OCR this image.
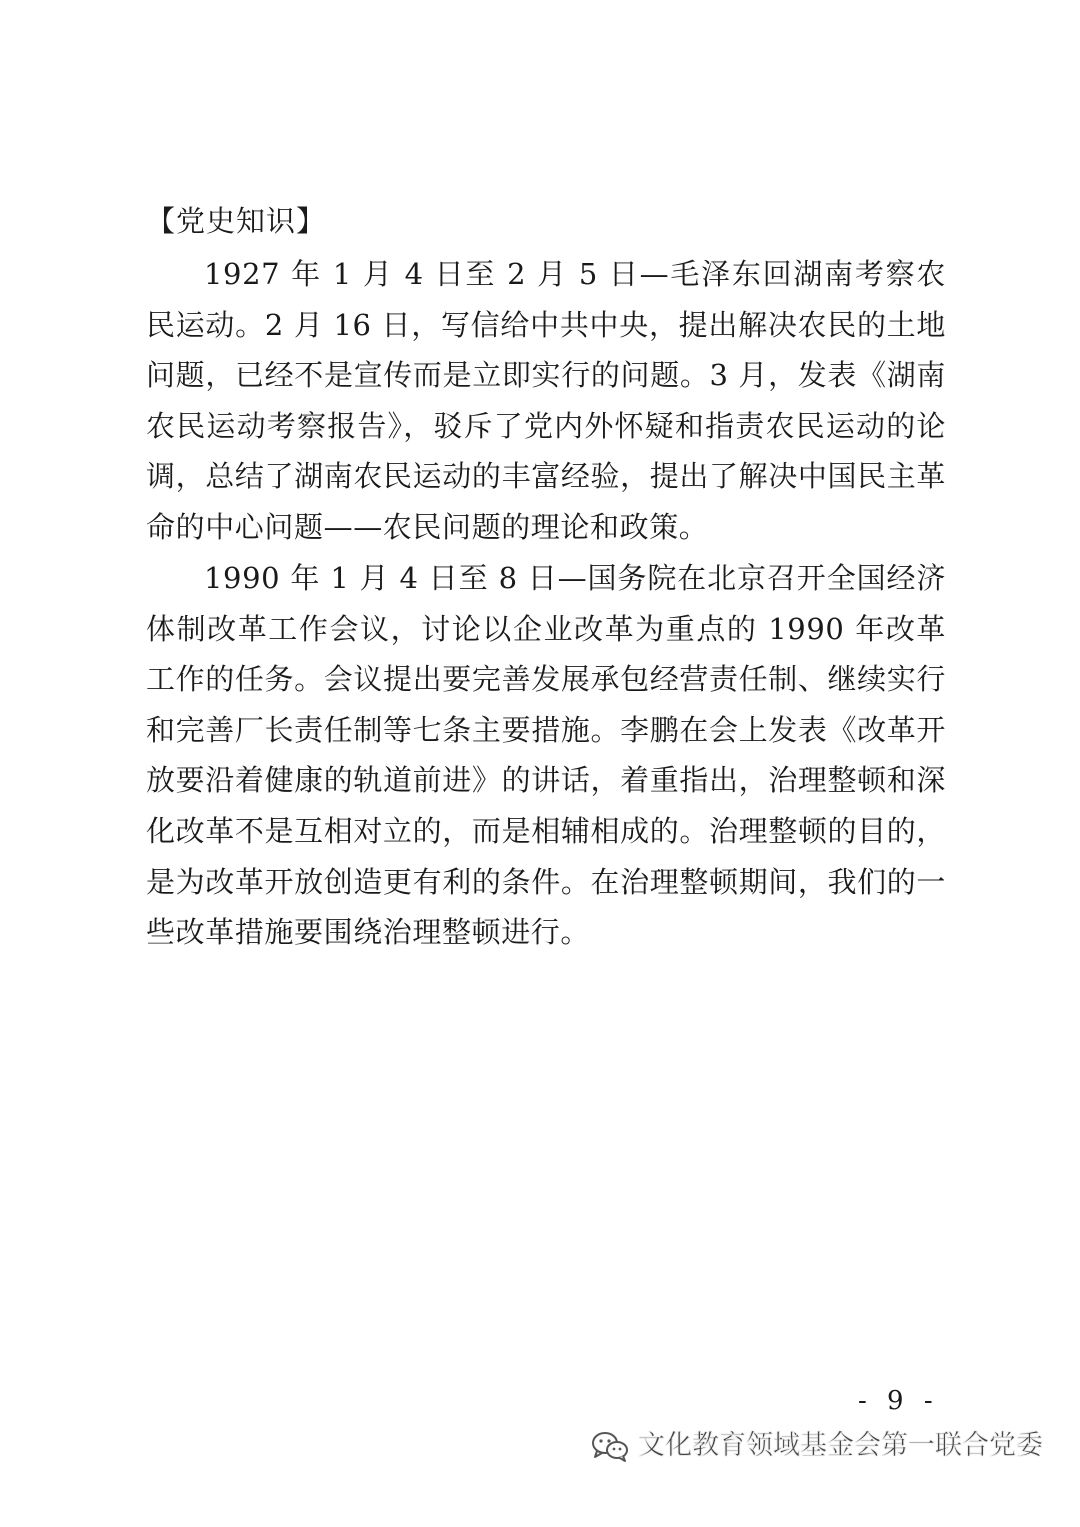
【党史知识】

1927 年 1 月 4 日至 2 月 5 日—毛泽东回湖南考察农民运动。2 月 16 日，写信给中共中央，提出解决农民的土地问题，已经不是宣传而是立即实行的问题。3 月，发表《湖南农民运动考察报告》，驳斥了党内外怀疑和指责农民运动的论调，总结了湖南农民运动的丰富经验，提出了解决中国民主革命的中心问题——农民问题的理论和政策。

1990 年 1 月 4 日至 8 日—国务院在北京召开全国经济体制改革工作会议，讨论以企业改革为重点的 1990 年改革工作的任务。会议提出要完善发展承包经营责任制、继续实行和完善厂长责任制等七条主要措施。李鹏在会上发表《改革开放要沿着健康的轨道前进》的讲话，着重指出，治理整顿和深化改革不是互相对立的，而是相辅相成的。治理整顿的目的，是为改革开放创造更有利的条件。在治理整顿期间，我们的一些改革措施要围绕治理整顿进行。

- 9 -
文化教育领域基金会第一联合党委
